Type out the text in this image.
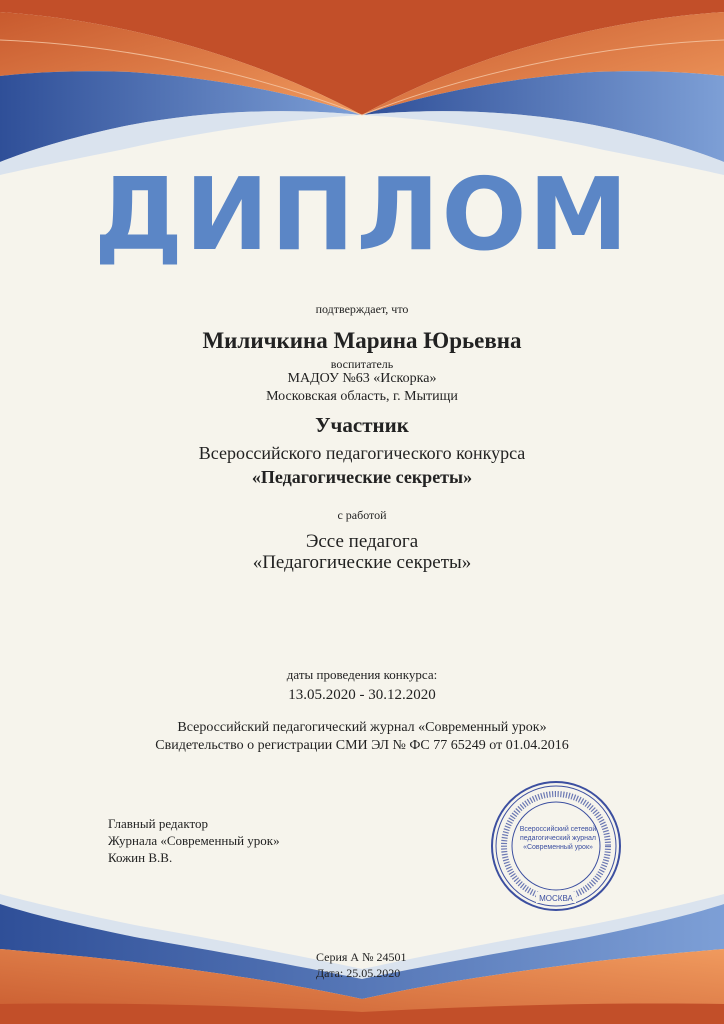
ДИПЛОМ
подтверждает, что
Миличкина Марина Юрьевна
воспитатель
МАДОУ №63 «Искорка»
Московская область, г. Мытищи
Участник
Всероссийского педагогического конкурса
«Педагогические секреты»
с работой
Эссе педагога
«Педагогические секреты»
даты проведения конкурса:
13.05.2020 - 30.12.2020
Всероссийский педагогический журнал «Современный урок»
Свидетельство о регистрации СМИ ЭЛ № ФС 77 65249 от 01.04.2016
Главный редактор
Журнала «Современный урок»
Кожин В.В.
МОСКВА
Всероссийский сетевой
педагогический журнал
«Современный урок»
Серия А № 24501
Дата: 25.05.2020
